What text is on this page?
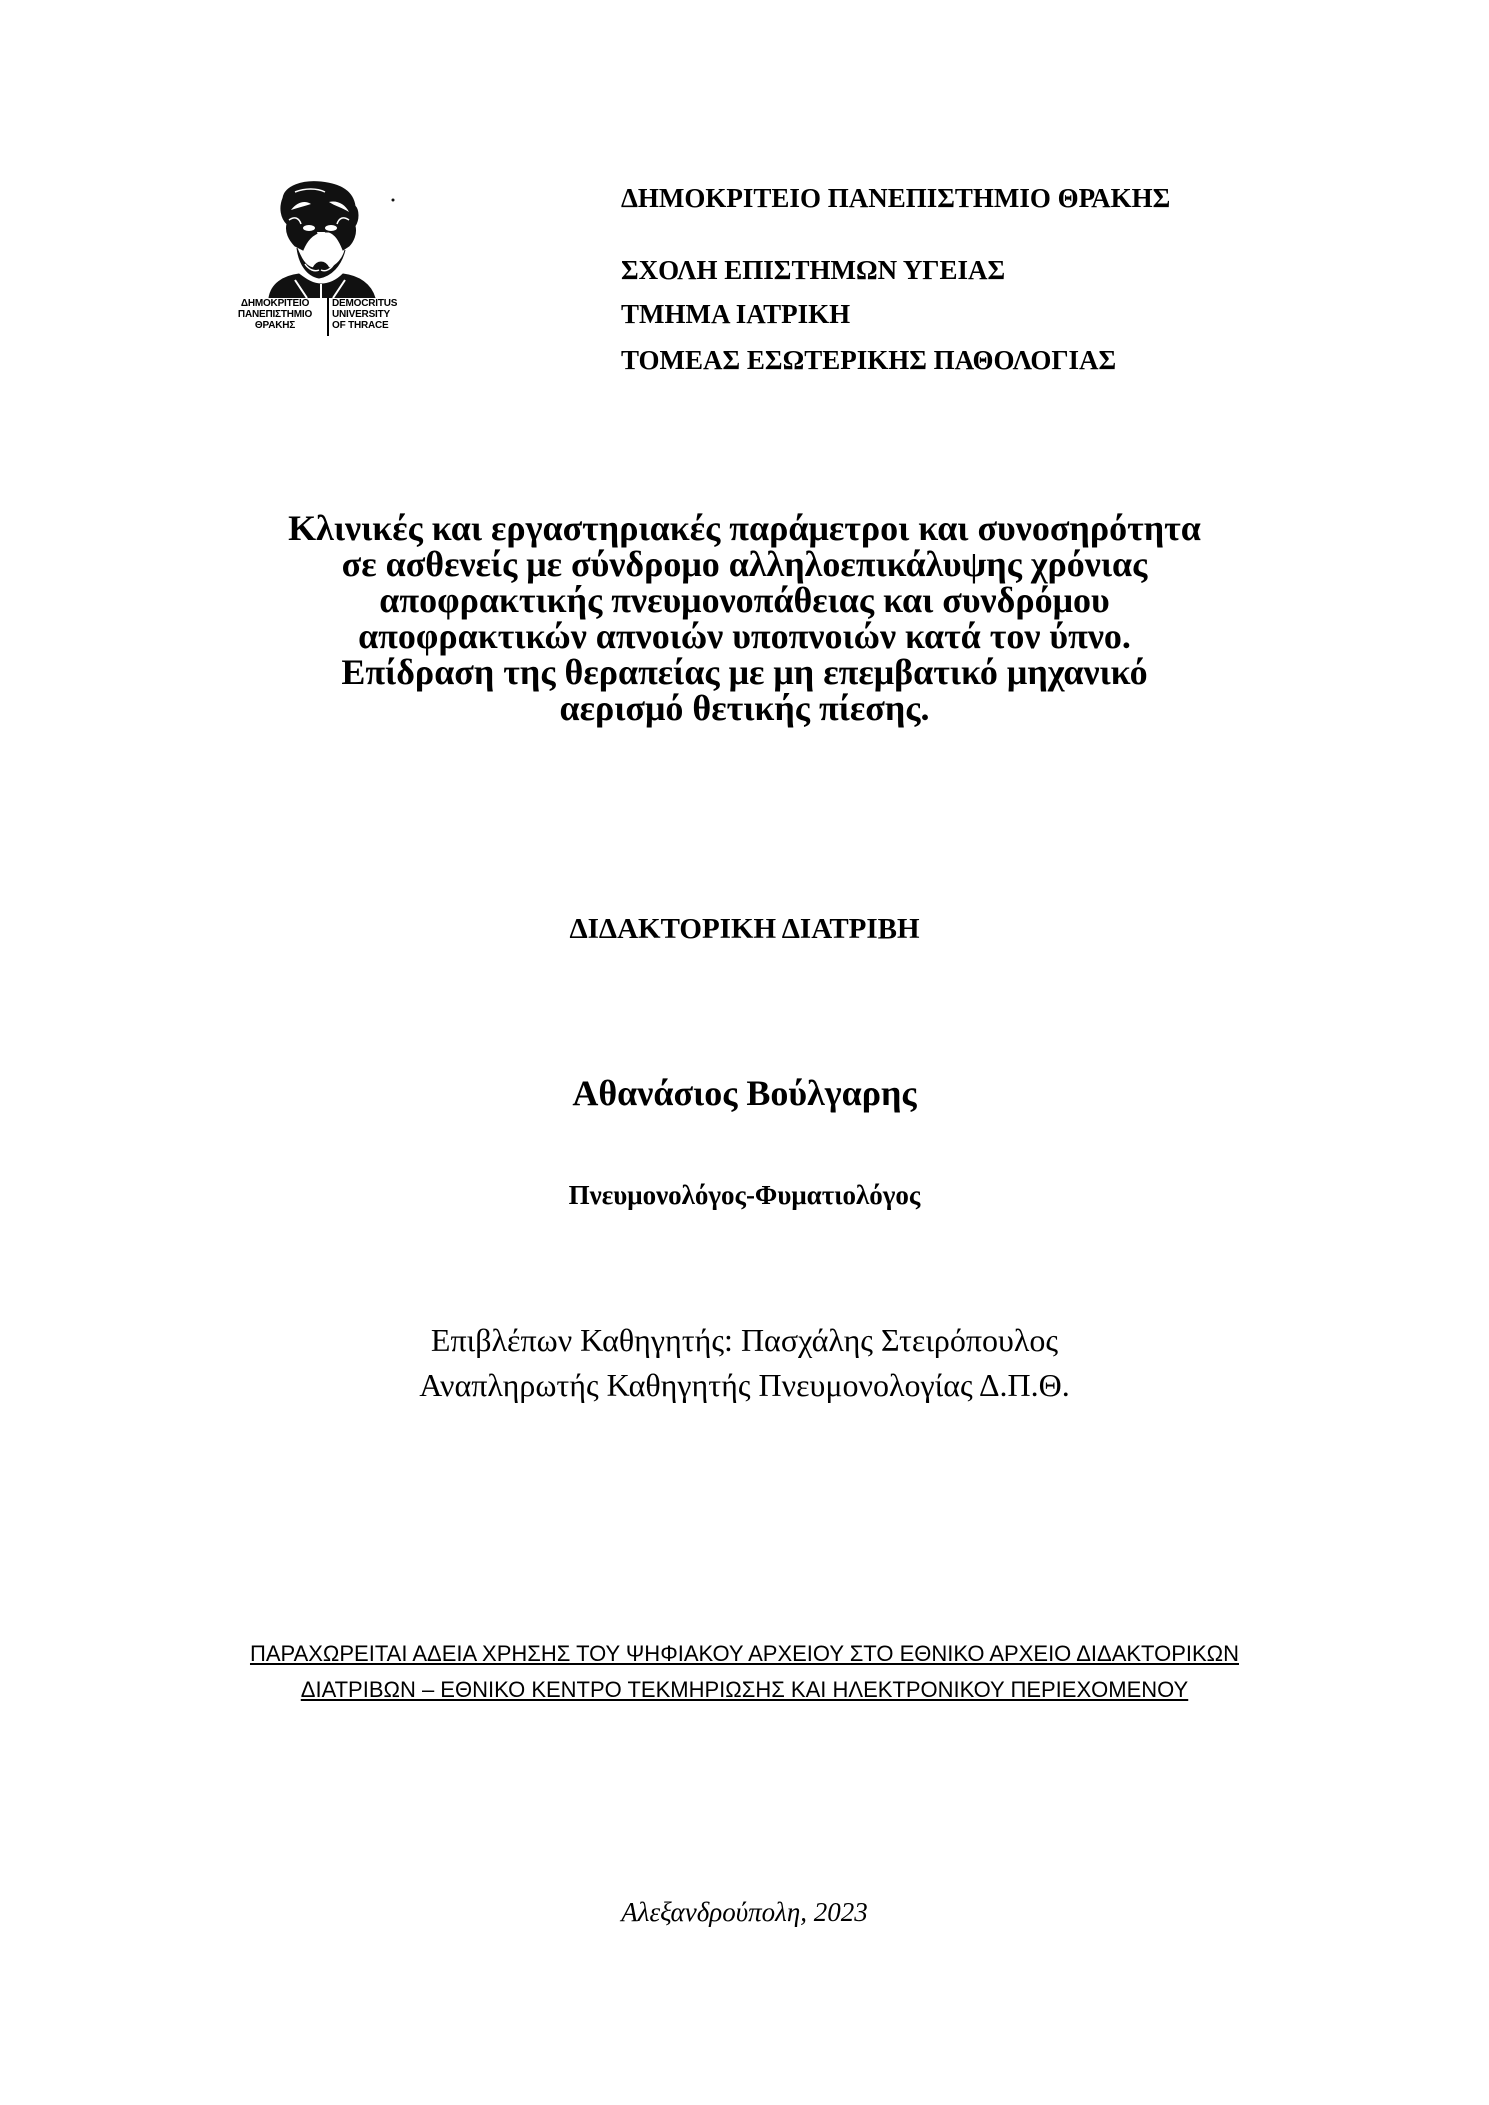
ΔΗΜΟΚΡΙΤΕΙΟ
ΠΑΝΕΠΙΣΤΗΜΙΟ
ΘΡΑΚΗΣ
DEMOCRITUS
UNIVERSITY
OF THRACE
ΔΗΜΟΚΡΙΤΕΙΟ ΠΑΝΕΠΙΣΤΗΜΙΟ ΘΡΑΚΗΣ
ΣΧΟΛΗ ΕΠΙΣΤΗΜΩΝ ΥΓΕΙΑΣ
ΤΜΗΜΑ ΙΑΤΡΙΚΗ
ΤΟΜΕΑΣ ΕΣΩΤΕΡΙΚΗΣ ΠΑΘΟΛΟΓΙΑΣ
Κλινικές και εργαστηριακές παράμετροι και συνοσηρότητα
σε ασθενείς με σύνδρομο αλληλοεπικάλυψης χρόνιας
αποφρακτικής πνευμονοπάθειας και συνδρόμου
αποφρακτικών απνοιών υποπνοιών κατά τον ύπνο.
Επίδραση της θεραπείας με μη επεμβατικό μηχανικό
αερισμό θετικής πίεσης.
ΔΙΔΑΚΤΟΡΙΚΗ ΔΙΑΤΡΙΒΗ
Αθανάσιος Βούλγαρης
Πνευμονολόγος-Φυματιολόγος
Επιβλέπων Καθηγητής: Πασχάλης Στειρόπουλος
Αναπληρωτής Καθηγητής Πνευμονολογίας Δ.Π.Θ.
ΠΑΡΑΧΩΡΕΙΤΑΙ ΑΔΕΙΑ ΧΡΗΣΗΣ ΤΟΥ ΨΗΦΙΑΚΟΥ ΑΡΧΕΙΟΥ ΣΤΟ ΕΘΝΙΚΟ ΑΡΧΕΙΟ ΔΙΔΑΚΤΟΡΙΚΩΝ
ΔΙΑΤΡΙΒΩΝ – ΕΘΝΙΚΟ ΚΕΝΤΡΟ ΤΕΚΜΗΡΙΩΣΗΣ ΚΑΙ ΗΛΕΚΤΡΟΝΙΚΟΥ ΠΕΡΙΕΧΟΜΕΝΟΥ
Αλεξανδρούπολη, 2023
